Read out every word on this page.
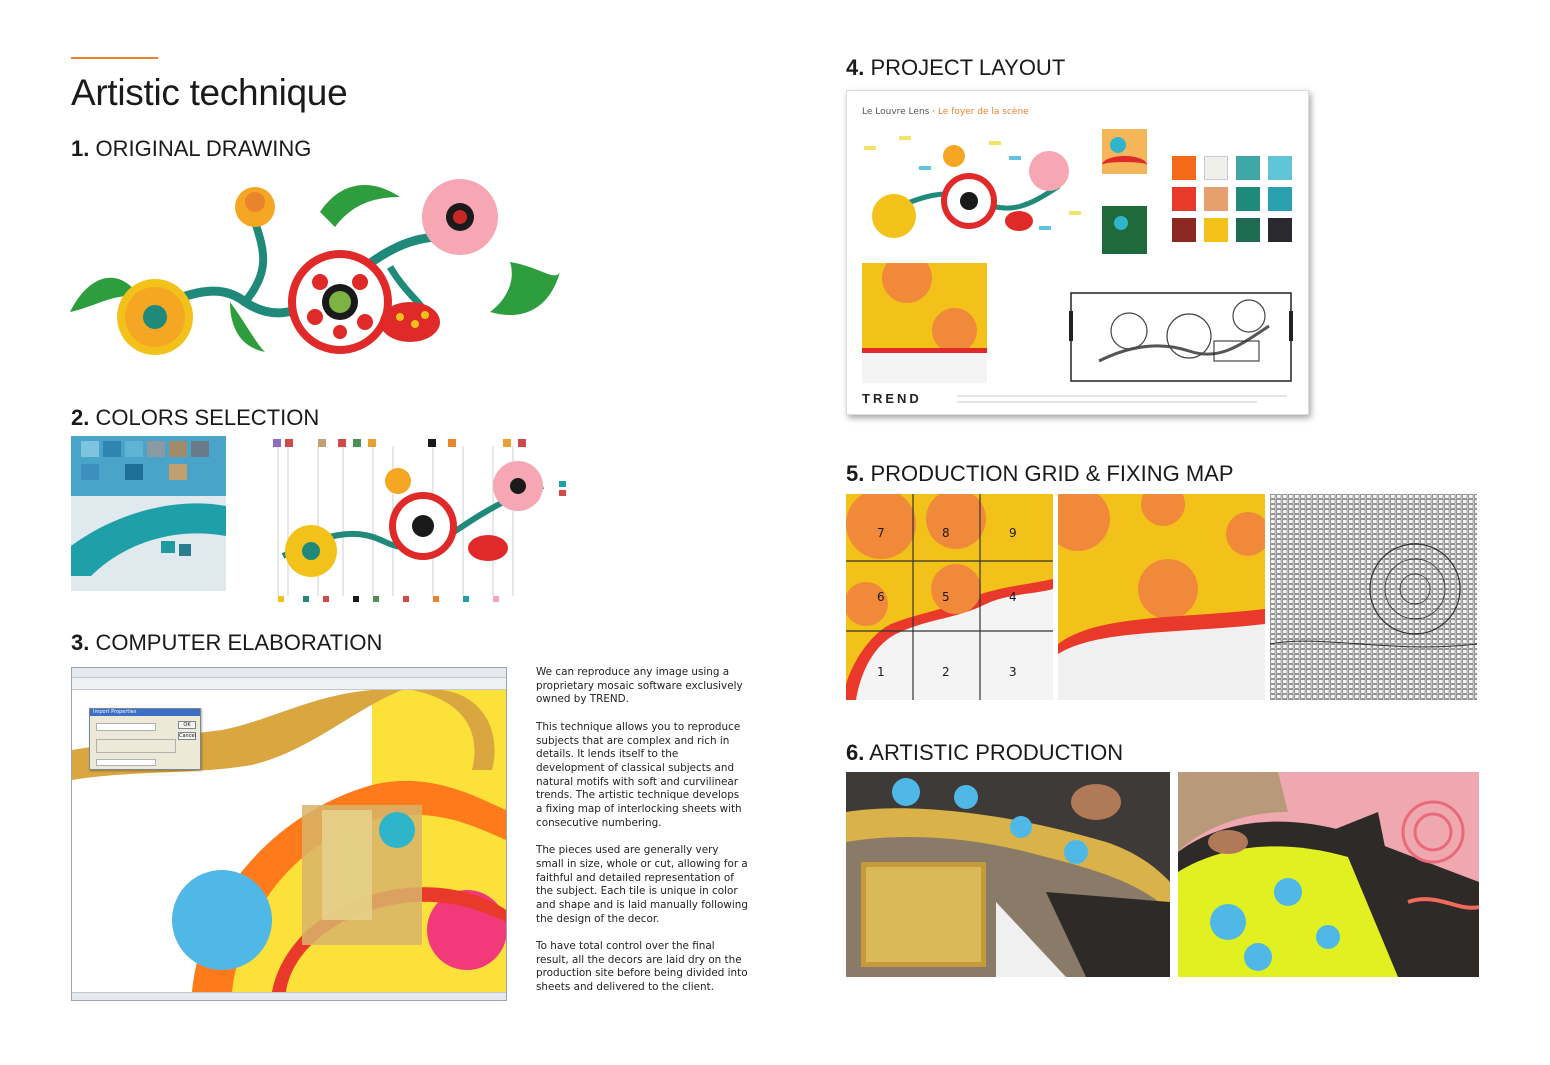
Artistic technique
1. ORIGINAL DRAWING
2. COLORS SELECTION
3. COMPUTER ELABORATION
4. PROJECT LAYOUT
5. PRODUCTION GRID & FIXING MAP
6. ARTISTIC PRODUCTION
Import Properties
OK
Cancel

We can reproduce any image using a proprietary mosaic software exclusively owned by TREND.

This technique allows you to reproduce subjects that are complex and rich in details. It lends itself to the development of classical subjects and natural motifs with soft and curvilinear trends. The artistic technique develops a fixing map of interlocking sheets with consecutive numbering.

The pieces used are generally very small in size, whole or cut, allowing for a faithful and detailed representation of the subject. Each tile is unique in color and shape and is laid manually following the design of the decor.

To have total control over the final result, all the decors are laid dry on the production site before being divided into sheets and delivered to the client.

Le Louvre Lens · Le foyer de la scène
TREND
7	8	9
6	5	4
1	2	3
